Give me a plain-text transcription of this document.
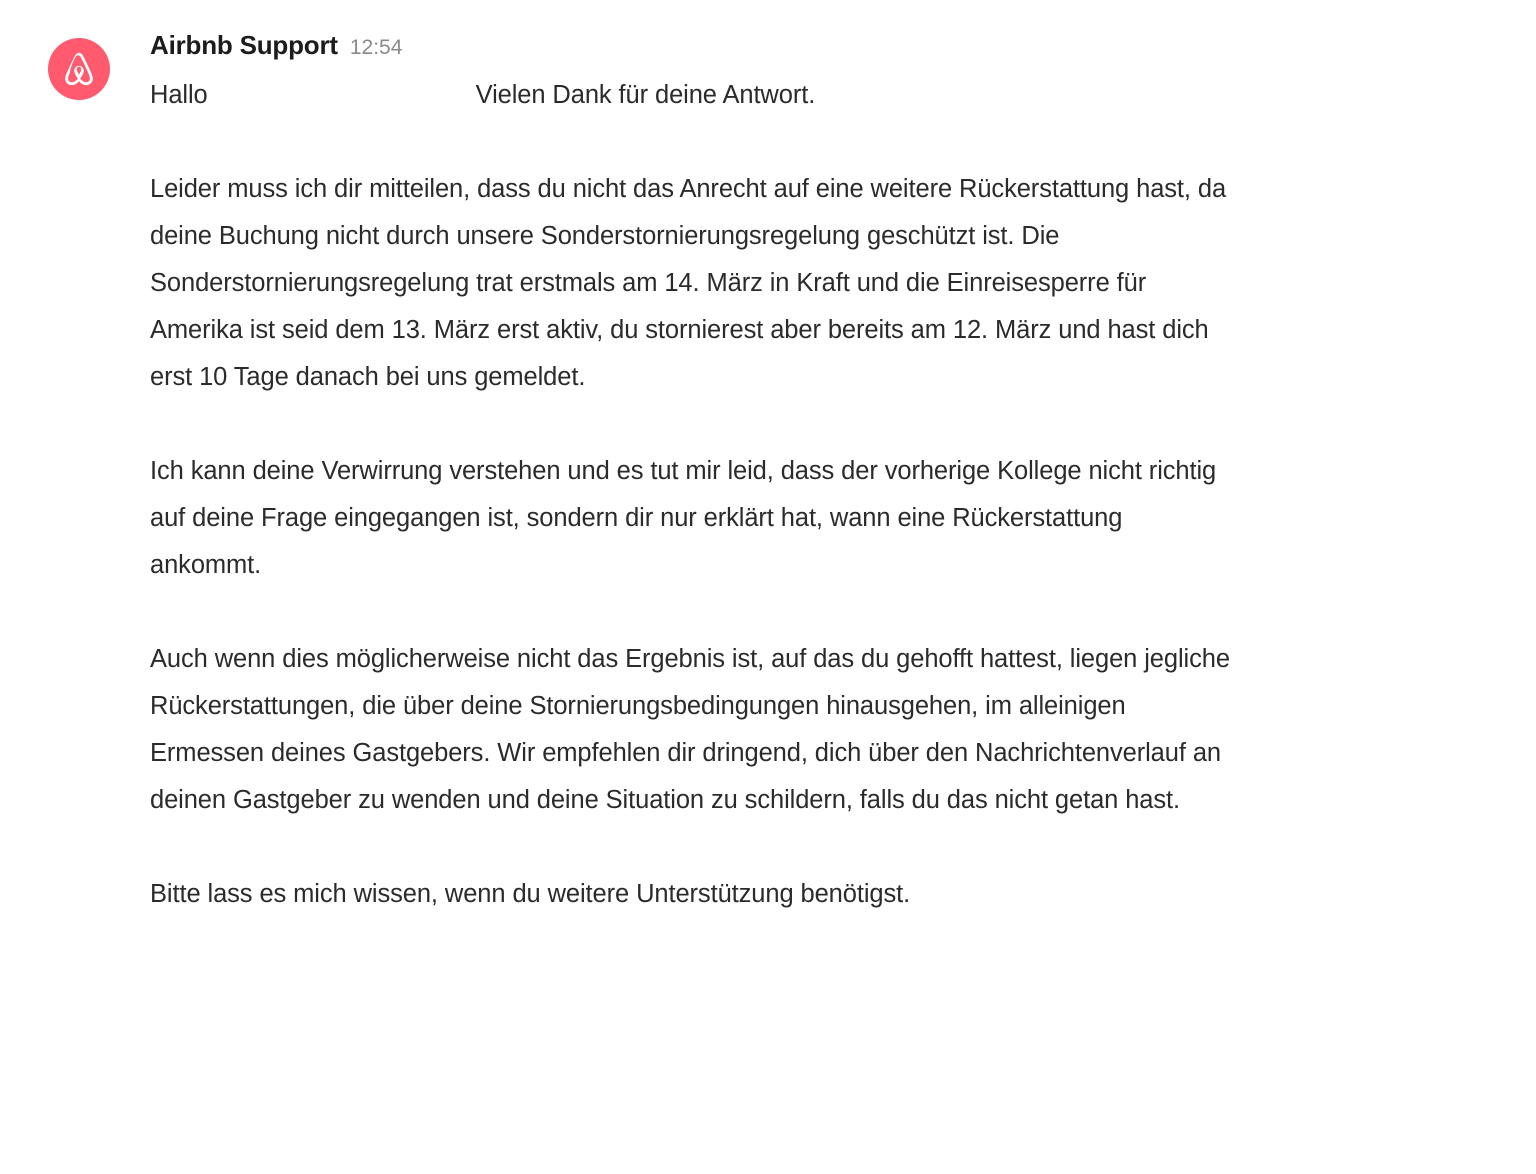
Airbnb Support 12:54
Hallo	Vielen Dank für deine Antwort.
Leider muss ich dir mitteilen, dass du nicht das Anrecht auf eine weitere Rückerstattung hast, da deine Buchung nicht durch unsere Sonderstornierungsregelung geschützt ist. Die Sonderstornierungsregelung trat erstmals am 14. März in Kraft und die Einreisesperre für Amerika ist seid dem 13. März erst aktiv, du stornierest aber bereits am 12. März und hast dich erst 10 Tage danach bei uns gemeldet.
Ich kann deine Verwirrung verstehen und es tut mir leid, dass der vorherige Kollege nicht richtig auf deine Frage eingegangen ist, sondern dir nur erklärt hat, wann eine Rückerstattung ankommt.
Auch wenn dies möglicherweise nicht das Ergebnis ist, auf das du gehofft hattest, liegen jegliche Rückerstattungen, die über deine Stornierungsbedingungen hinausgehen, im alleinigen Ermessen deines Gastgebers. Wir empfehlen dir dringend, dich über den Nachrichtenverlauf an deinen Gastgeber zu wenden und deine Situation zu schildern, falls du das nicht getan hast.
Bitte lass es mich wissen, wenn du weitere Unterstützung benötigst.
